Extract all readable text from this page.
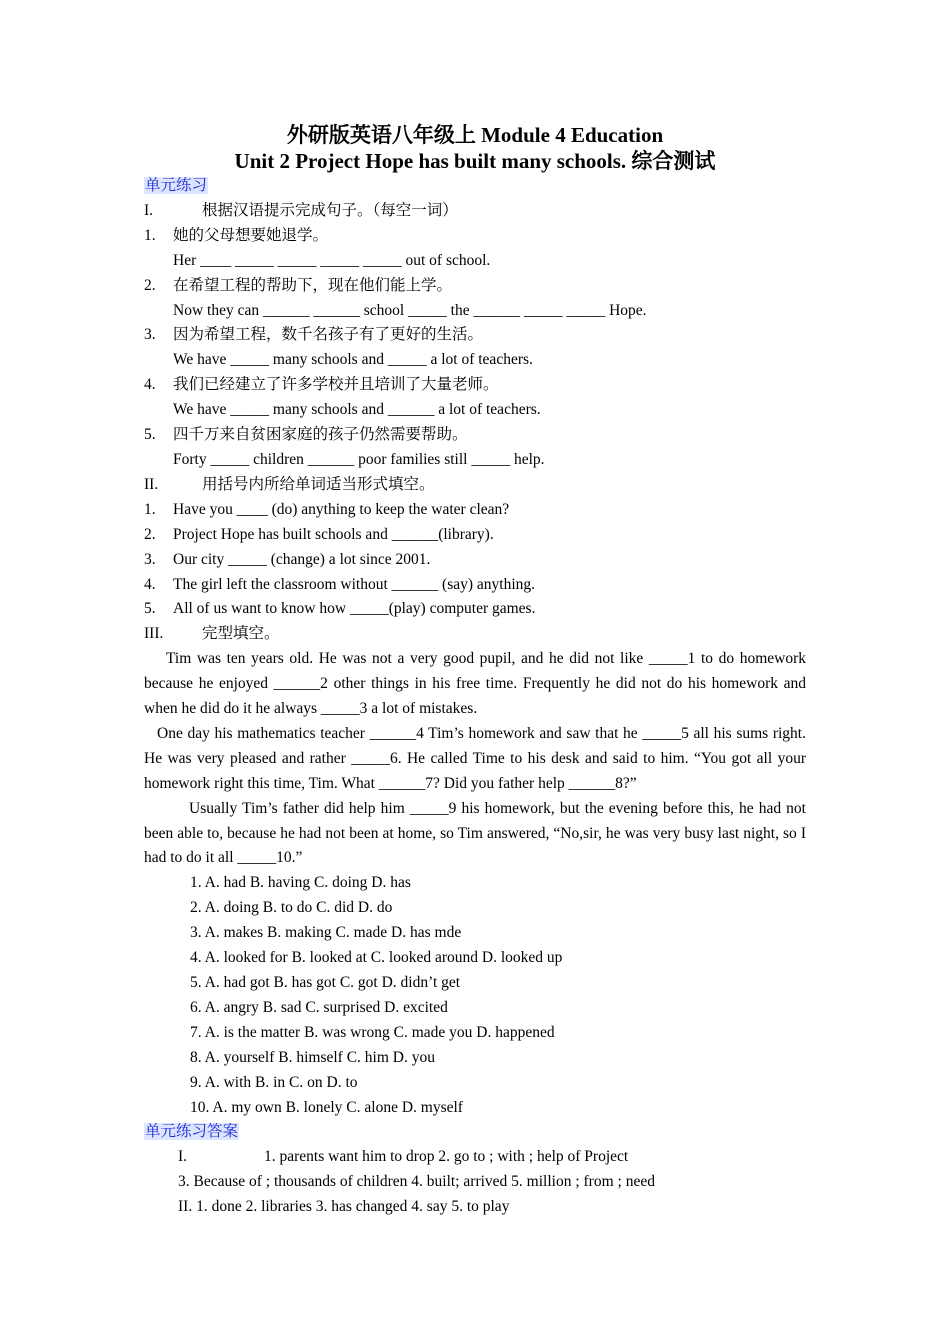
外研版英语八年级上 Module 4 Education

Unit 2 Project Hope has built many schools. 综合测试

单元练习
I.	根据汉语提示完成句子。（每空一词）
1.	她的父母想要她退学。
Her ____ _____ _____ _____ _____ out of school.
2.	在希望工程的帮助下，现在他们能上学。
Now they can ______ ______ school _____ the ______ _____ _____ Hope.
3.	因为希望工程，数千名孩子有了更好的生活。
We have _____ many schools and _____ a lot of teachers.
4.	我们已经建立了许多学校并且培训了大量老师。
We have _____ many schools and ______ a lot of teachers.
5.	四千万来自贫困家庭的孩子仍然需要帮助。
Forty _____ children ______ poor families still _____ help.
II.	用括号内所给单词适当形式填空。
1.	Have you ____ (do) anything to keep the water clean?
2.	Project Hope has built schools and ______(library).
3.	Our city _____ (change) a lot since 2001.
4.	The girl left the classroom without ______ (say) anything.
5.	All of us want to know how _____(play) computer games.
III.	完型填空。
Tim was ten years old. He was not a very good pupil, and he did not like _____1 to do homework because he enjoyed ______2 other things in his free time. Frequently he did not do his homework and when he did do it he always _____3 a lot of mistakes.
One day his mathematics teacher ______4 Tim’s homework and saw that he _____5 all his sums right. He was very pleased and rather _____6. He called Time to his desk and said to him. “You got all your homework right this time, Tim. What ______7? Did you father help ______8?”
Usually Tim’s father did help him _____9 his homework, but the evening before this, he had not been able to, because he had not been at home, so Tim answered, “No,sir, he was very busy last night, so I had to do it all _____10.”
1. A. had B. having C. doing D. has
2. A. doing B. to do C. did D. do
3. A. makes B. making C. made D. has mde
4. A. looked for B. looked at C. looked around D. looked up
5. A. had got B. has got C. got D. didn’t get
6. A. angry B. sad C. surprised D. excited
7. A. is the matter B. was wrong C. made you D. happened
8. A. yourself B. himself C. him D. you
9. A. with B. in C. on D. to
10. A. my own B. lonely C. alone D. myself
单元练习答案
I.	1. parents want him to drop 2. go to ; with ; help of Project
3. Because of ; thousands of children 4. built; arrived 5. million ; from ; need
II. 1. done 2. libraries 3. has changed 4. say 5. to play
